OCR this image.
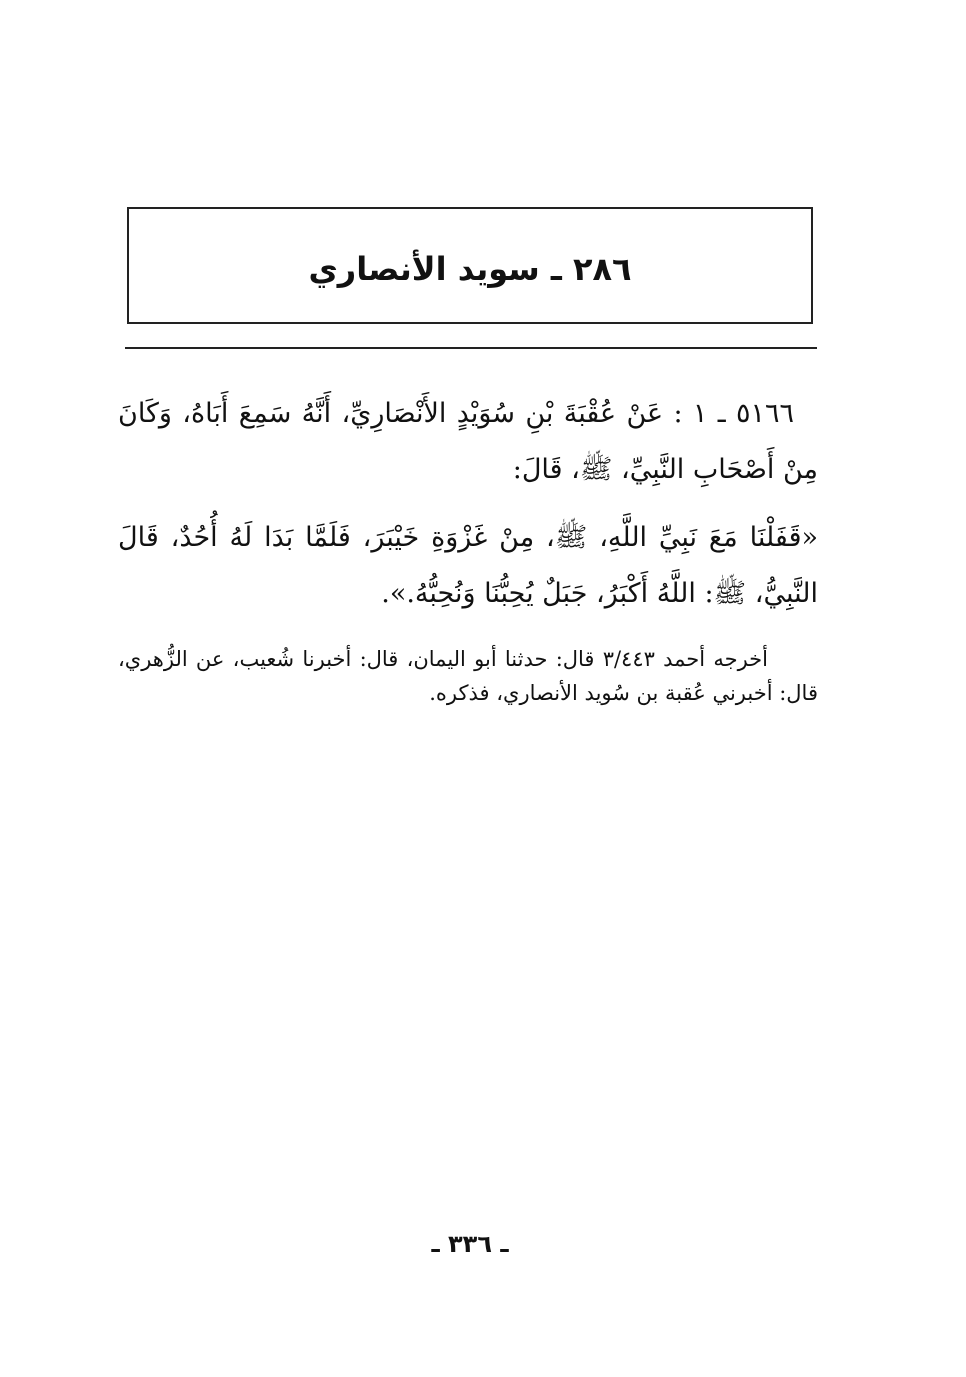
٢٨٦ ـ سويد الأنصاري

٥١٦٦ ـ ١ : عَنْ عُقْبَةَ بْنِ سُوَيْدٍ الأَنْصَارِيِّ، أَنَّهُ سَمِعَ أَبَاهُ، وَكَانَ مِنْ أَصْحَابِ النَّبِيِّ، ﷺ، قَالَ:

«قَفَلْنَا مَعَ نَبِيِّ اللَّهِ، ﷺ، مِنْ غَزْوَةِ خَيْبَرَ، فَلَمَّا بَدَا لَهُ أُحُدٌ، قَالَ النَّبِيُّ، ﷺ: اللَّهُ أَكْبَرُ، جَبَلٌ يُحِبُّنَا وَنُحِبُّهُ.».

أخرجه أحمد ٣/٤٤٣ قال: حدثنا أبو اليمان، قال: أخبرنا شُعيب، عن الزُّهري، قال: أخبرني عُقبة بن سُويد الأنصاري، فذكره.
ـ ٣٣٦ ـ
